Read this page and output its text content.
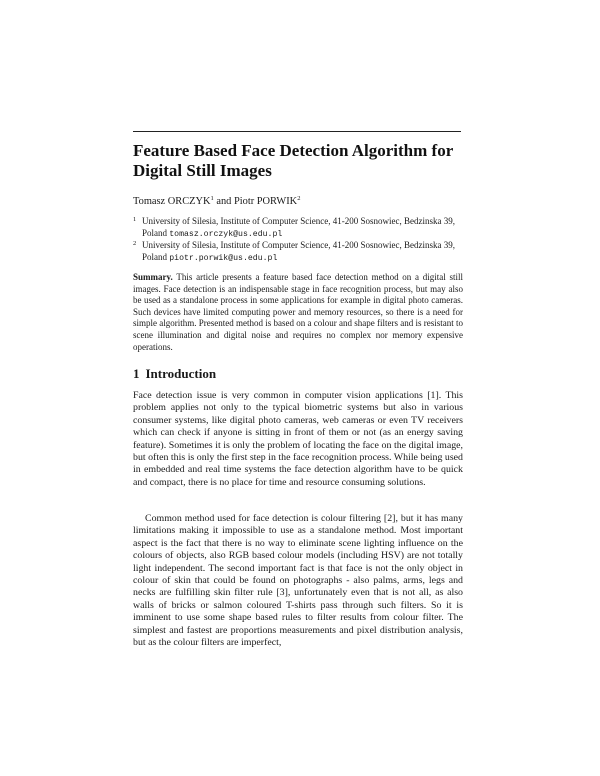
Feature Based Face Detection Algorithm for
Digital Still Images
Tomasz ORCZYK$^1$ and Piotr PORWIK$^2$
1 University of Silesia, Institute of Computer Science, 41-200 Sosnowiec, Bedzinska 39, Poland tomasz.orczyk@us.edu.pl
2 University of Silesia, Institute of Computer Science, 41-200 Sosnowiec, Bedzinska 39, Poland piotr.porwik@us.edu.pl
Summary. This article presents a feature based face detection method on a digital still images. Face detection is an indispensable stage in face recognition process, but may also be used as a standalone process in some applications for example in digital photo cameras. Such devices have limited computing power and memory resources, so there is a need for simple algorithm. Presented method is based on a colour and shape filters and is resistant to scene illumination and digital noise and requires no complex nor memory expensive operations.
1 Introduction
Face detection issue is very common in computer vision applications [1]. This problem applies not only to the typical biometric systems but also in various consumer systems, like digital photo cameras, web cameras or even TV receivers which can check if anyone is sitting in front of them or not (as an energy saving feature). Sometimes it is only the problem of locating the face on the digital image, but often this is only the first step in the face recognition process. While being used in embedded and real time systems the face detection algorithm have to be quick and compact, there is no place for time and resource consuming solutions.
Common method used for face detection is colour filtering [2], but it has many limitations making it impossible to use as a standalone method. Most important aspect is the fact that there is no way to eliminate scene lighting influence on the colours of objects, also RGB based colour models (including HSV) are not totally light independent. The second important fact is that face is not the only object in colour of skin that could be found on photographs - also palms, arms, legs and necks are fulfilling skin filter rule [3], unfortunately even that is not all, as also walls of bricks or salmon coloured T-shirts pass through such filters. So it is imminent to use some shape based rules to filter results from colour filter. The simplest and fastest are proportions measurements and pixel distribution analysis, but as the colour filters are imperfect,
